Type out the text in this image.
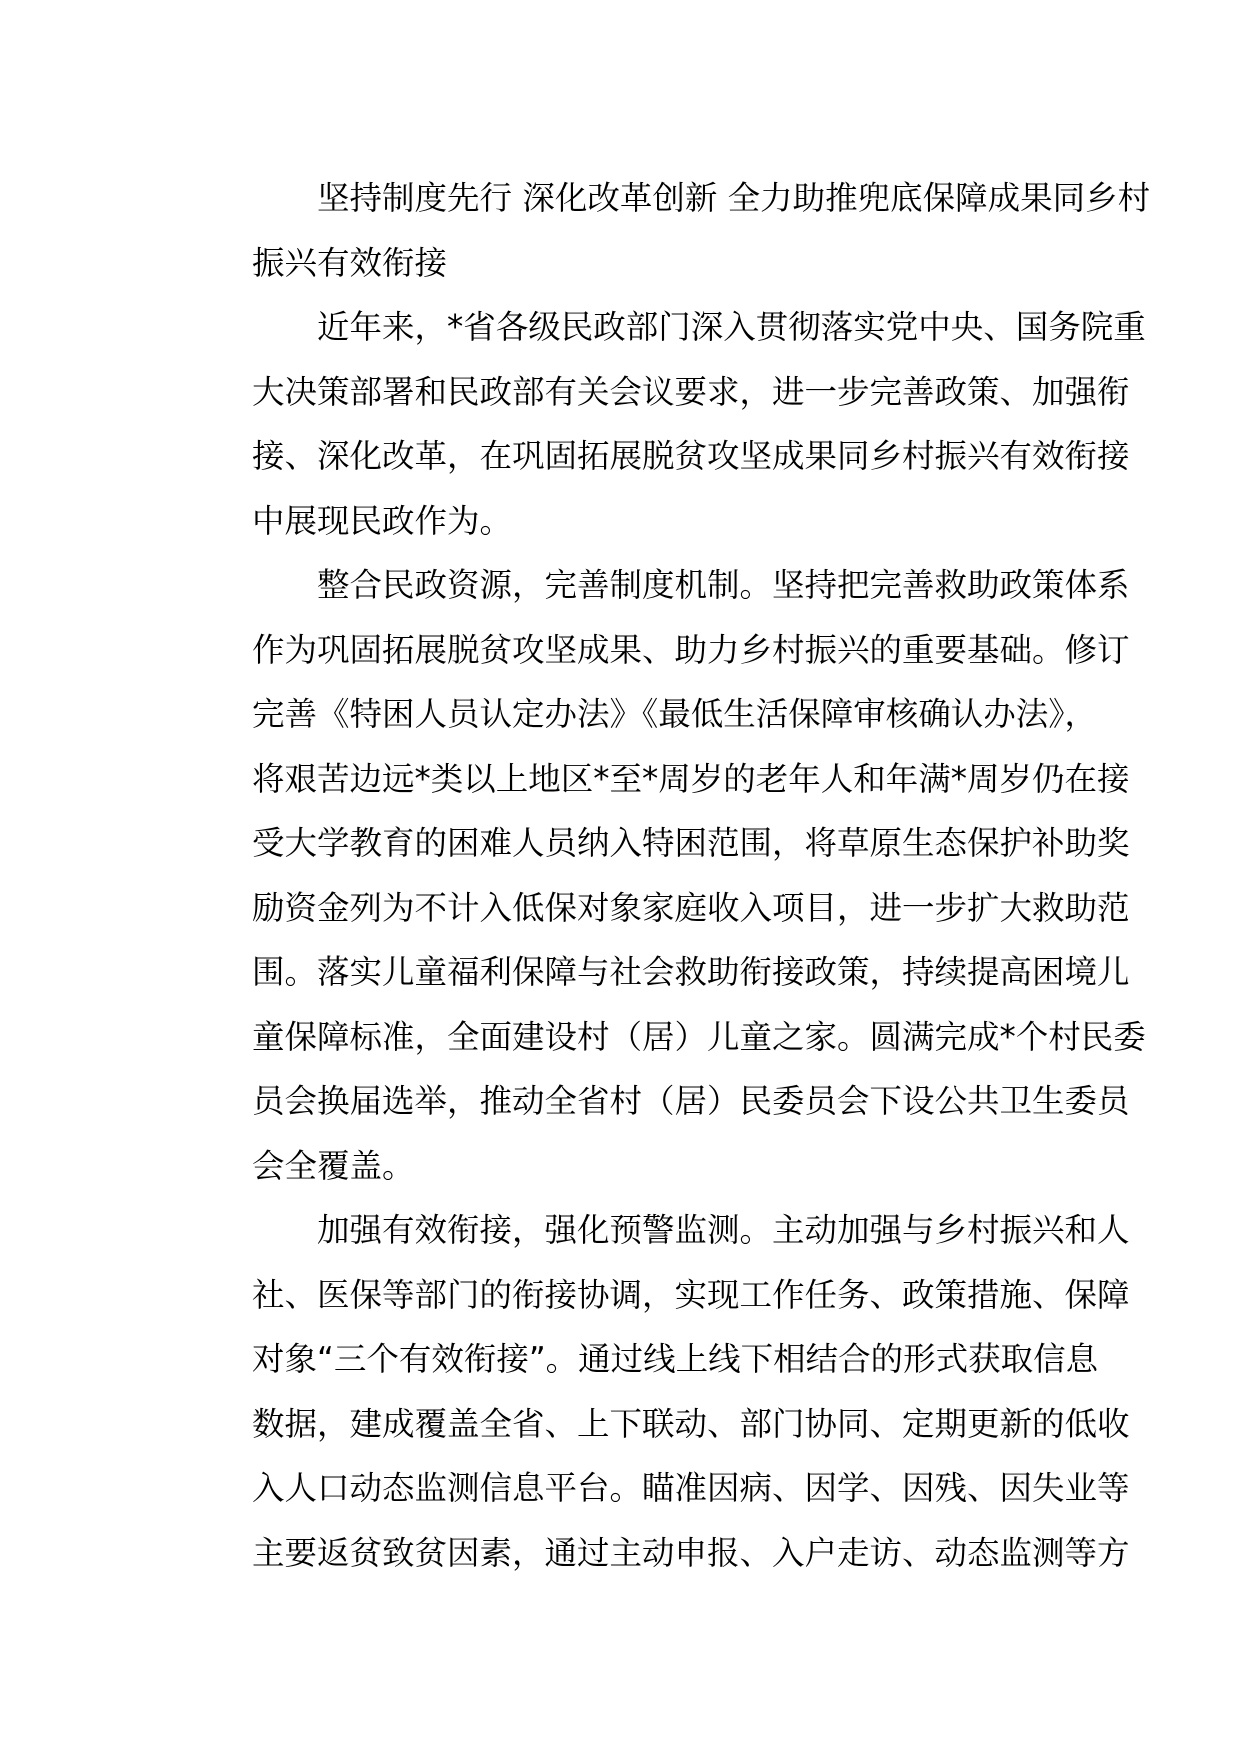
坚持制度先行 深化改革创新 全力助推兜底保障成果同乡村
振兴有效衔接
近年来，*省各级民政部门深入贯彻落实党中央、国务院重
大决策部署和民政部有关会议要求，进一步完善政策、加强衔
接、深化改革，在巩固拓展脱贫攻坚成果同乡村振兴有效衔接
中展现民政作为。
整合民政资源，完善制度机制。坚持把完善救助政策体系
作为巩固拓展脱贫攻坚成果、助力乡村振兴的重要基础。修订
完善《特困人员认定办法》《最低生活保障审核确认办法》，
将艰苦边远*类以上地区*至*周岁的老年人和年满*周岁仍在接
受大学教育的困难人员纳入特困范围，将草原生态保护补助奖
励资金列为不计入低保对象家庭收入项目，进一步扩大救助范
围。落实儿童福利保障与社会救助衔接政策，持续提高困境儿
童保障标准，全面建设村（居）儿童之家。圆满完成*个村民委
员会换届选举，推动全省村（居）民委员会下设公共卫生委员
会全覆盖。
加强有效衔接，强化预警监测。主动加强与乡村振兴和人
社、医保等部门的衔接协调，实现工作任务、政策措施、保障
对象“三个有效衔接”。通过线上线下相结合的形式获取信息
数据，建成覆盖全省、上下联动、部门协同、定期更新的低收
入人口动态监测信息平台。瞄准因病、因学、因残、因失业等
主要返贫致贫因素，通过主动申报、入户走访、动态监测等方
